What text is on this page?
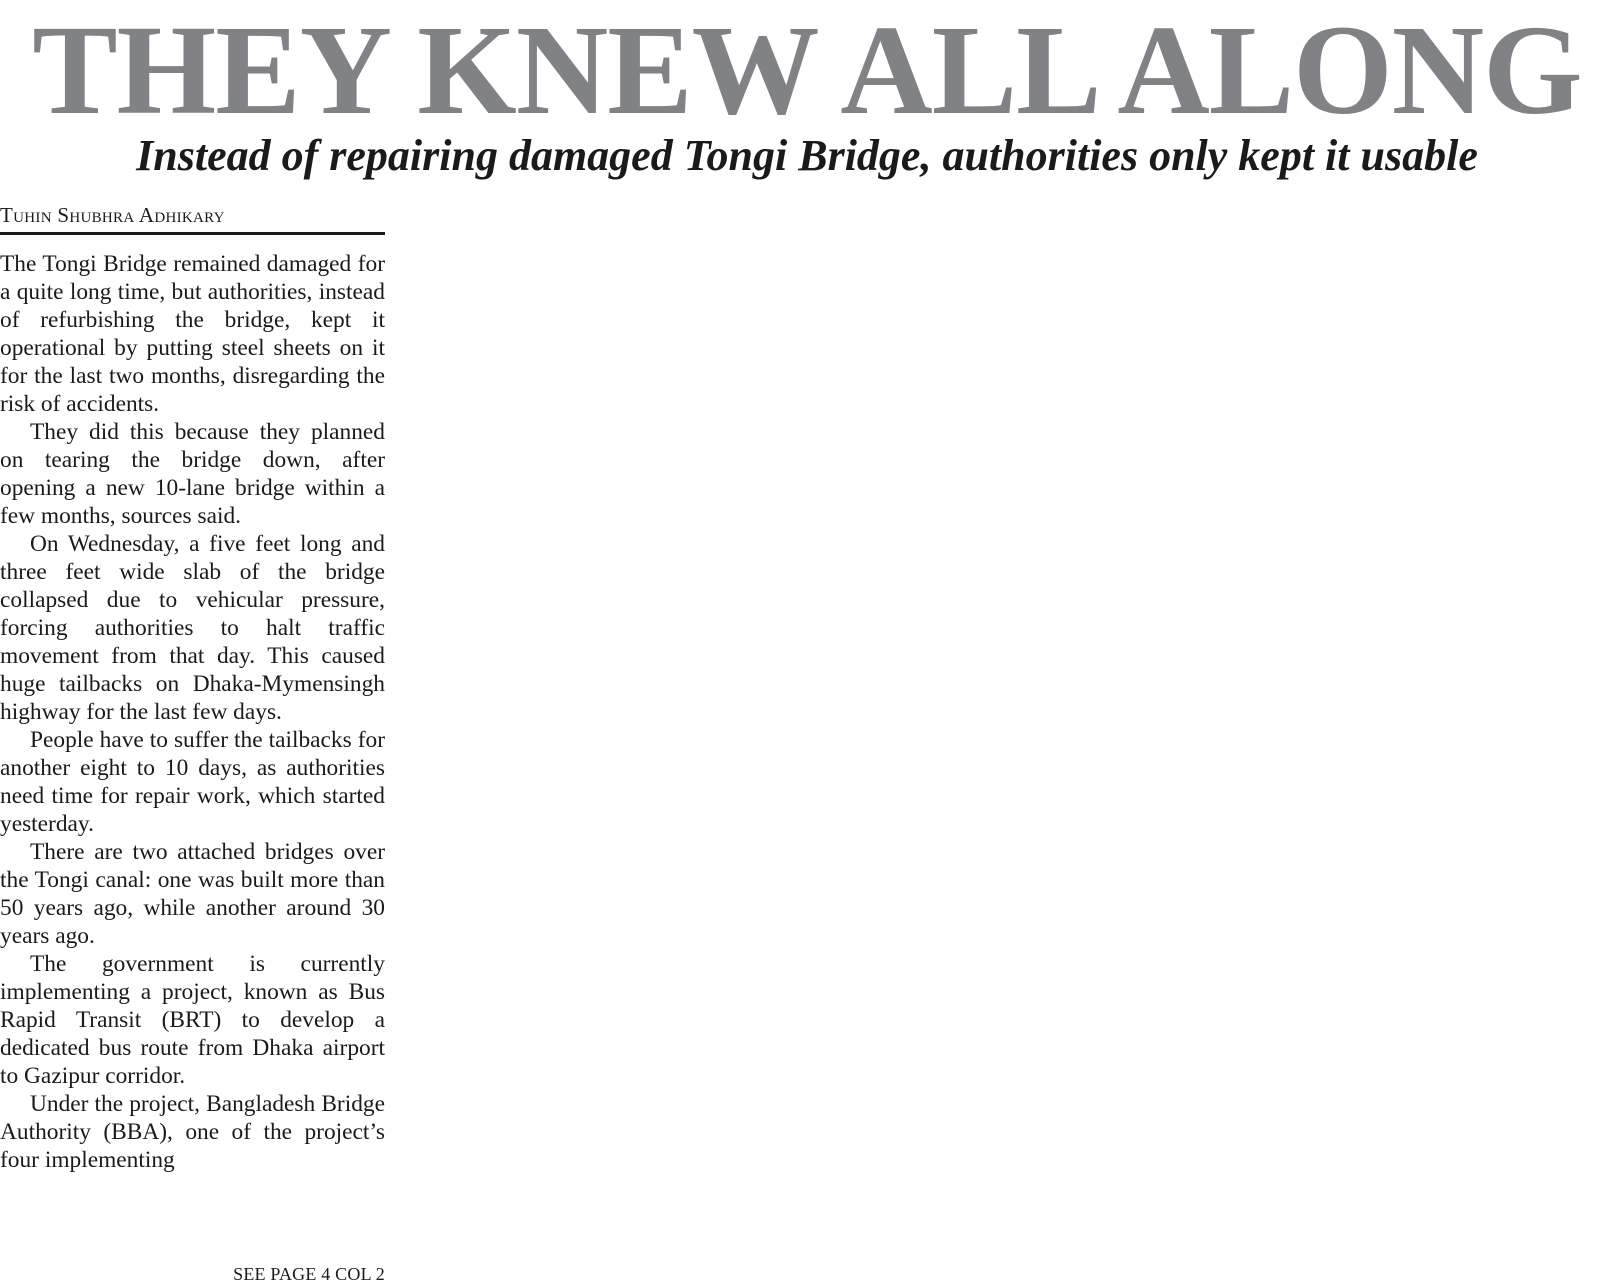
THEY KNEW ALL ALONG
Instead of repairing damaged Tongi Bridge, authorities only kept it usable
Tuhin Shubhra Adhikary

The Tongi Bridge remained damaged for a quite long time, but authorities, instead of refurbishing the bridge, kept it operational by putting steel sheets on it for the last two months, disregarding the risk of accidents.

They did this because they planned on tearing the bridge down, after opening a new 10-lane bridge within a few months, sources said.

On Wednesday, a five feet long and three feet wide slab of the bridge collapsed due to vehicular pressure, forcing authorities to halt traffic movement from that day. This caused huge tailbacks on Dhaka-Mymensingh highway for the last few days.

People have to suffer the tailbacks for another eight to 10 days, as authorities need time for repair work, which started yesterday.

There are two attached bridges over the Tongi canal: one was built more than 50 years ago, while another around 30 years ago.

The government is currently implementing a project, known as Bus Rapid Transit (BRT) to develop a dedicated bus route from Dhaka airport to Gazipur corridor.

Under the project, Bangladesh Bridge Authority (BBA), one of the project’s four implementing

SEE PAGE 4 COL 2
